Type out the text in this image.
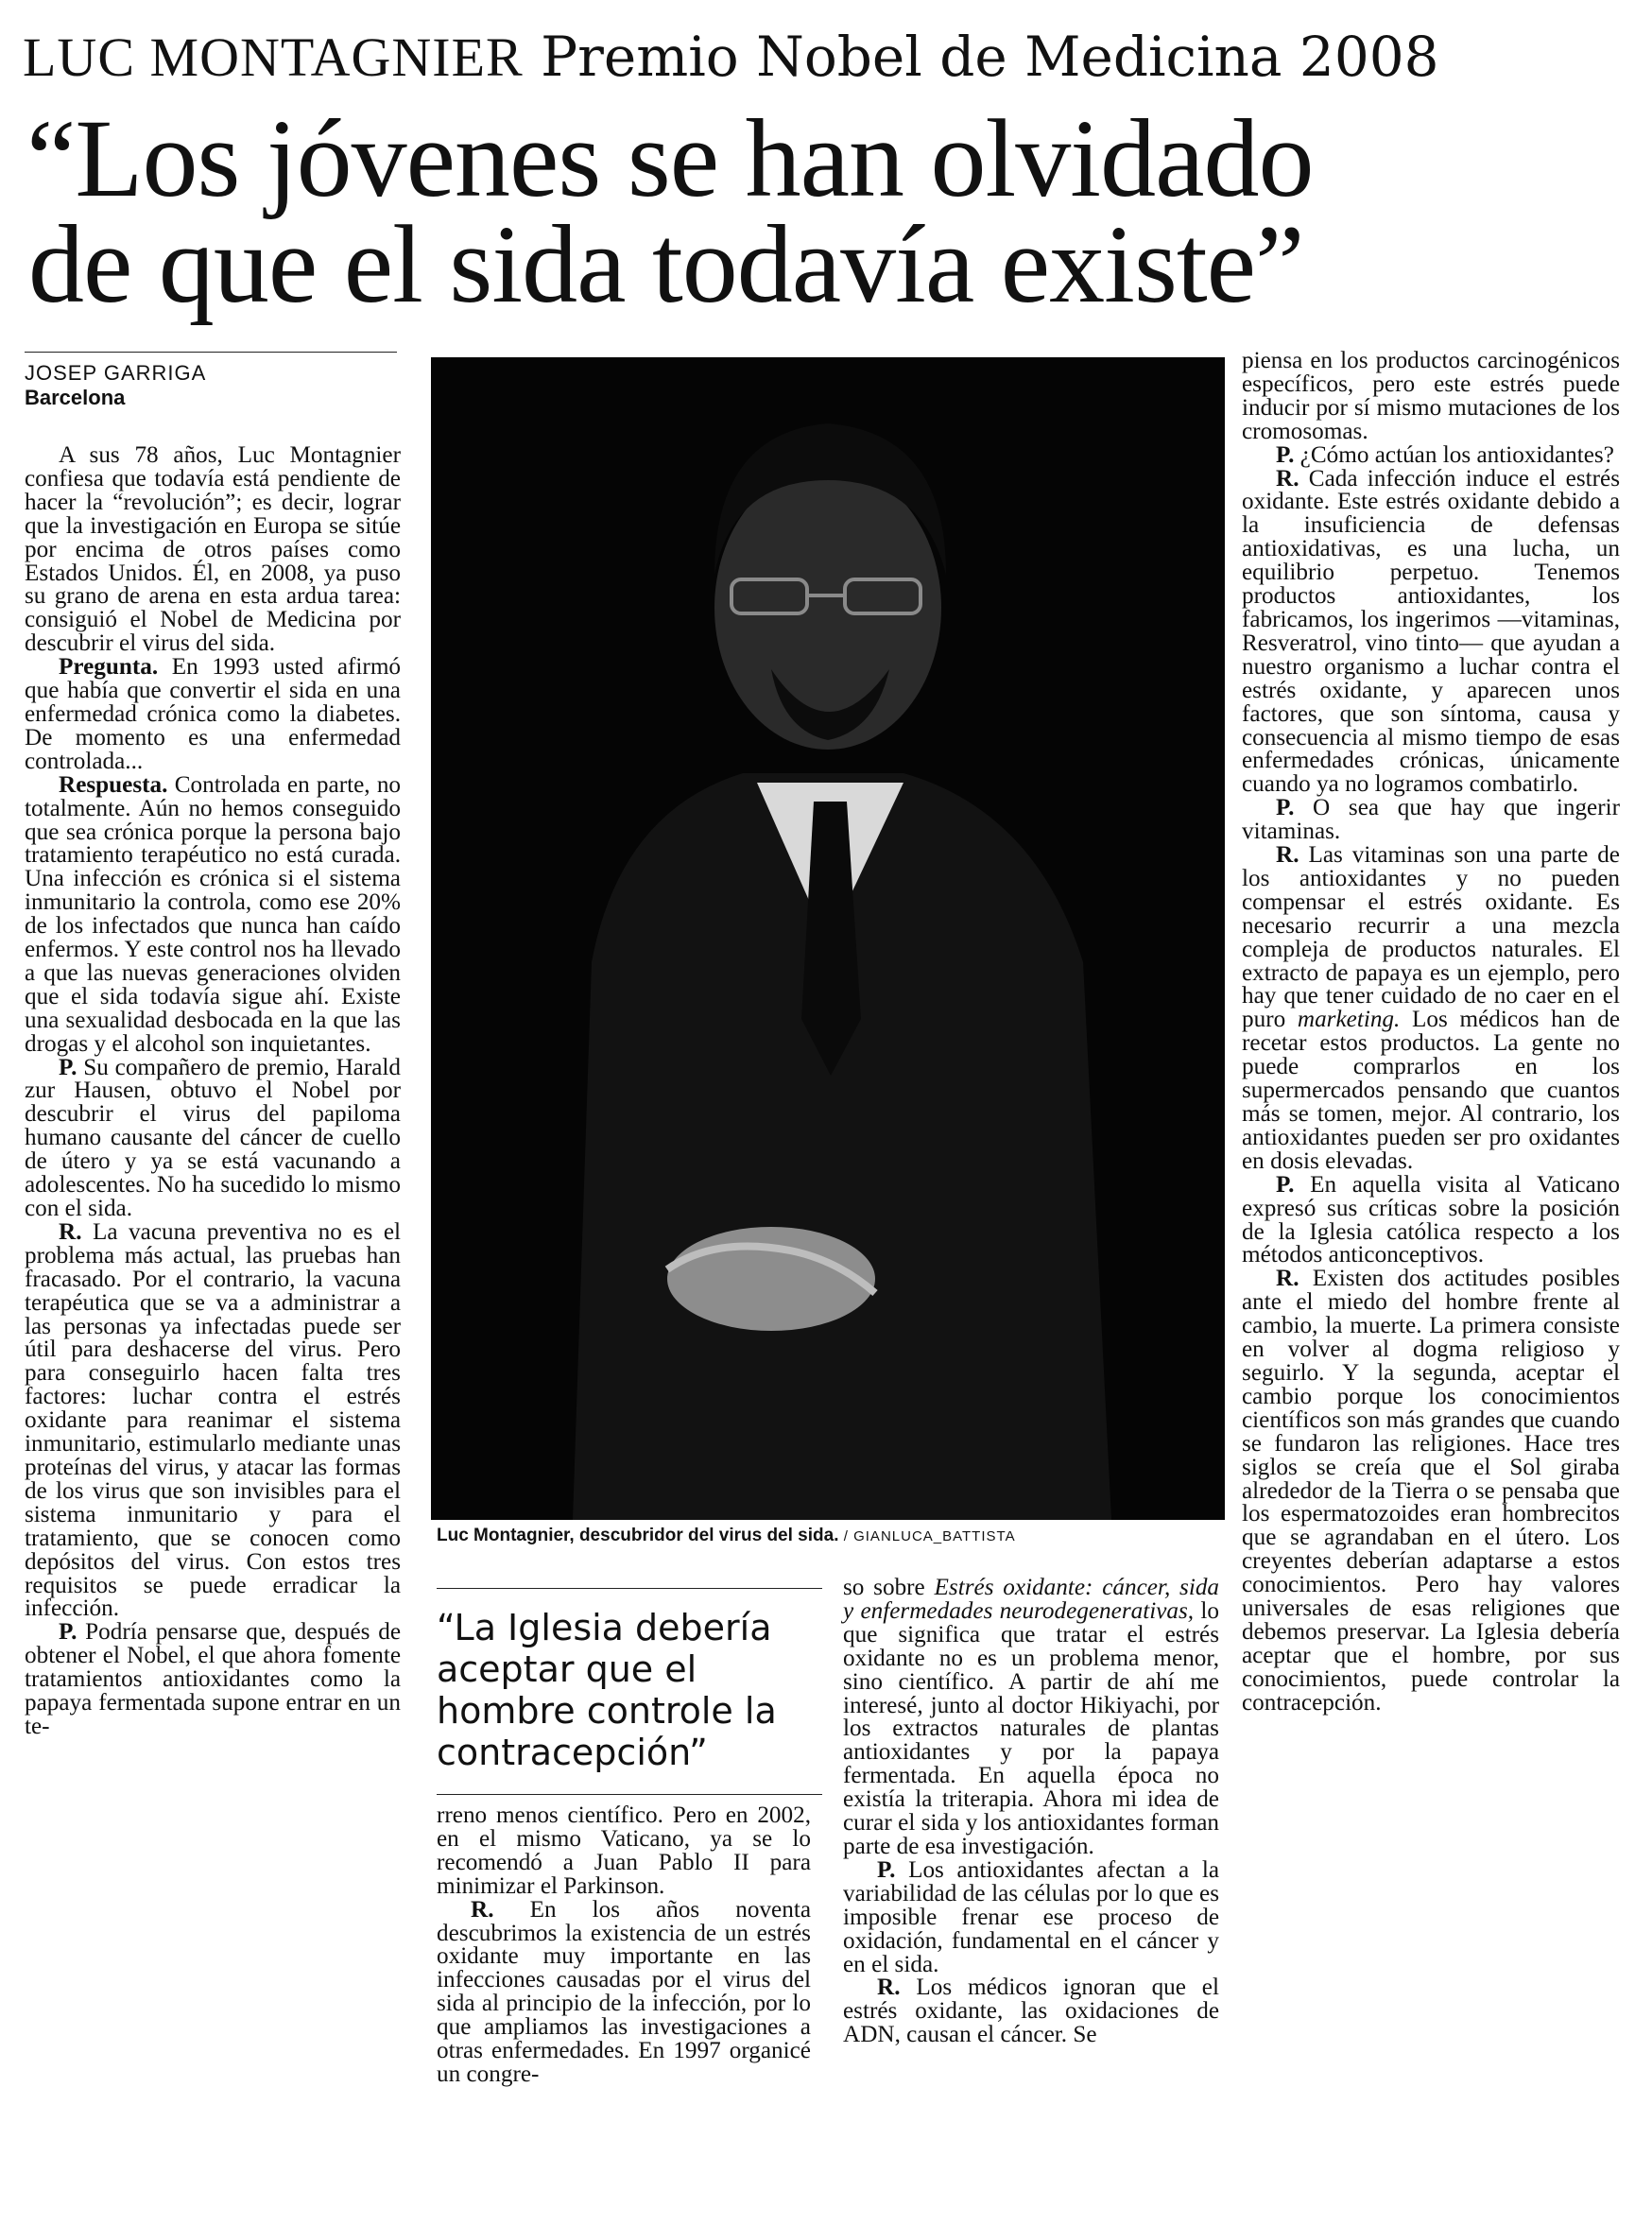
LUC MONTAGNIER Premio Nobel de Medicina 2008
“Los jóvenes se han olvidado
de que el sida todavía existe”
JOSEP GARRIGA
Barcelona

A sus 78 años, Luc Montagnier confiesa que todavía está pendiente de hacer la “revolución”; es decir, lograr que la investigación en Europa se sitúe por encima de otros países como Estados Unidos. Él, en 2008, ya puso su grano de arena en esta ardua tarea: consiguió el Nobel de Medicina por descubrir el virus del sida.

Pregunta. En 1993 usted afirmó que había que convertir el sida en una enfermedad crónica como la diabetes. De momento es una enfermedad controlada...

Respuesta. Controlada en parte, no totalmente. Aún no hemos conseguido que sea crónica porque la persona bajo tratamiento terapéutico no está curada. Una infección es crónica si el sistema inmunitario la controla, como ese 20% de los infectados que nunca han caído enfermos. Y este control nos ha llevado a que las nuevas generaciones olviden que el sida todavía sigue ahí. Existe una sexualidad desbocada en la que las drogas y el alcohol son inquietantes.

P. Su compañero de premio, Harald zur Hausen, obtuvo el Nobel por descubrir el virus del papiloma humano causante del cáncer de cuello de útero y ya se está vacunando a adolescentes. No ha sucedido lo mismo con el sida.

R. La vacuna preventiva no es el problema más actual, las pruebas han fracasado. Por el contrario, la vacuna terapéutica que se va a administrar a las personas ya infectadas puede ser útil para deshacerse del virus. Pero para conseguirlo hacen falta tres factores: luchar contra el estrés oxidante para reanimar el sistema inmunitario, estimularlo mediante unas proteínas del virus, y atacar las formas de los virus que son invisibles para el sistema inmunitario y para el tratamiento, que se conocen como depósitos del virus. Con estos tres requisitos se puede erradicar la infección.

P. Podría pensarse que, después de obtener el Nobel, el que ahora fomente tratamientos antioxidantes como la papaya fermentada supone entrar en un te-

Luc Montagnier, descubridor del virus del sida. / GIANLUCA_BATTISTA
“La Iglesia debería aceptar que el hombre controle la contracepción”

rreno menos científico. Pero en 2002, en el mismo Vaticano, ya se lo recomendó a Juan Pablo II para minimizar el Parkinson.

R. En los años noventa descubrimos la existencia de un estrés oxidante muy importante en las infecciones causadas por el virus del sida al principio de la infección, por lo que ampliamos las investigaciones a otras enfermedades. En 1997 organicé un congre-

so sobre Estrés oxidante: cáncer, sida y enfermedades neurodegenerativas, lo que significa que tratar el estrés oxidante no es un problema menor, sino científico. A partir de ahí me interesé, junto al doctor Hikiyachi, por los extractos naturales de plantas antioxidantes y por la papaya fermentada. En aquella época no existía la triterapia. Ahora mi idea de curar el sida y los antioxidantes forman parte de esa investigación.

P. Los antioxidantes afectan a la variabilidad de las células por lo que es imposible frenar ese proceso de oxidación, fundamental en el cáncer y en el sida.

R. Los médicos ignoran que el estrés oxidante, las oxidaciones de ADN, causan el cáncer. Se

piensa en los productos carcinogénicos específicos, pero este estrés puede inducir por sí mismo mutaciones de los cromosomas.

P. ¿Cómo actúan los antioxidantes?

R. Cada infección induce el estrés oxidante. Este estrés oxidante debido a la insuficiencia de defensas antioxidativas, es una lucha, un equilibrio perpetuo. Tenemos productos antioxidantes, los fabricamos, los ingerimos —vitaminas, Resveratrol, vino tinto— que ayudan a nuestro organismo a luchar contra el estrés oxidante, y aparecen unos factores, que son síntoma, causa y consecuencia al mismo tiempo de esas enfermedades crónicas, únicamente cuando ya no logramos combatirlo.

P. O sea que hay que ingerir vitaminas.

R. Las vitaminas son una parte de los antioxidantes y no pueden compensar el estrés oxidante. Es necesario recurrir a una mezcla compleja de productos naturales. El extracto de papaya es un ejemplo, pero hay que tener cuidado de no caer en el puro marketing. Los médicos han de recetar estos productos. La gente no puede comprarlos en los supermercados pensando que cuantos más se tomen, mejor. Al contrario, los antioxidantes pueden ser pro oxidantes en dosis elevadas.

P. En aquella visita al Vaticano expresó sus críticas sobre la posición de la Iglesia católica respecto a los métodos anticonceptivos.

R. Existen dos actitudes posibles ante el miedo del hombre frente al cambio, la muerte. La primera consiste en volver al dogma religioso y seguirlo. Y la segunda, aceptar el cambio porque los conocimientos científicos son más grandes que cuando se fundaron las religiones. Hace tres siglos se creía que el Sol giraba alrededor de la Tierra o se pensaba que los espermatozoides eran hombrecitos que se agrandaban en el útero. Los creyentes deberían adaptarse a estos conocimientos. Pero hay valores universales de esas religiones que debemos preservar. La Iglesia debería aceptar que el hombre, por sus conocimientos, puede controlar la contracepción.
